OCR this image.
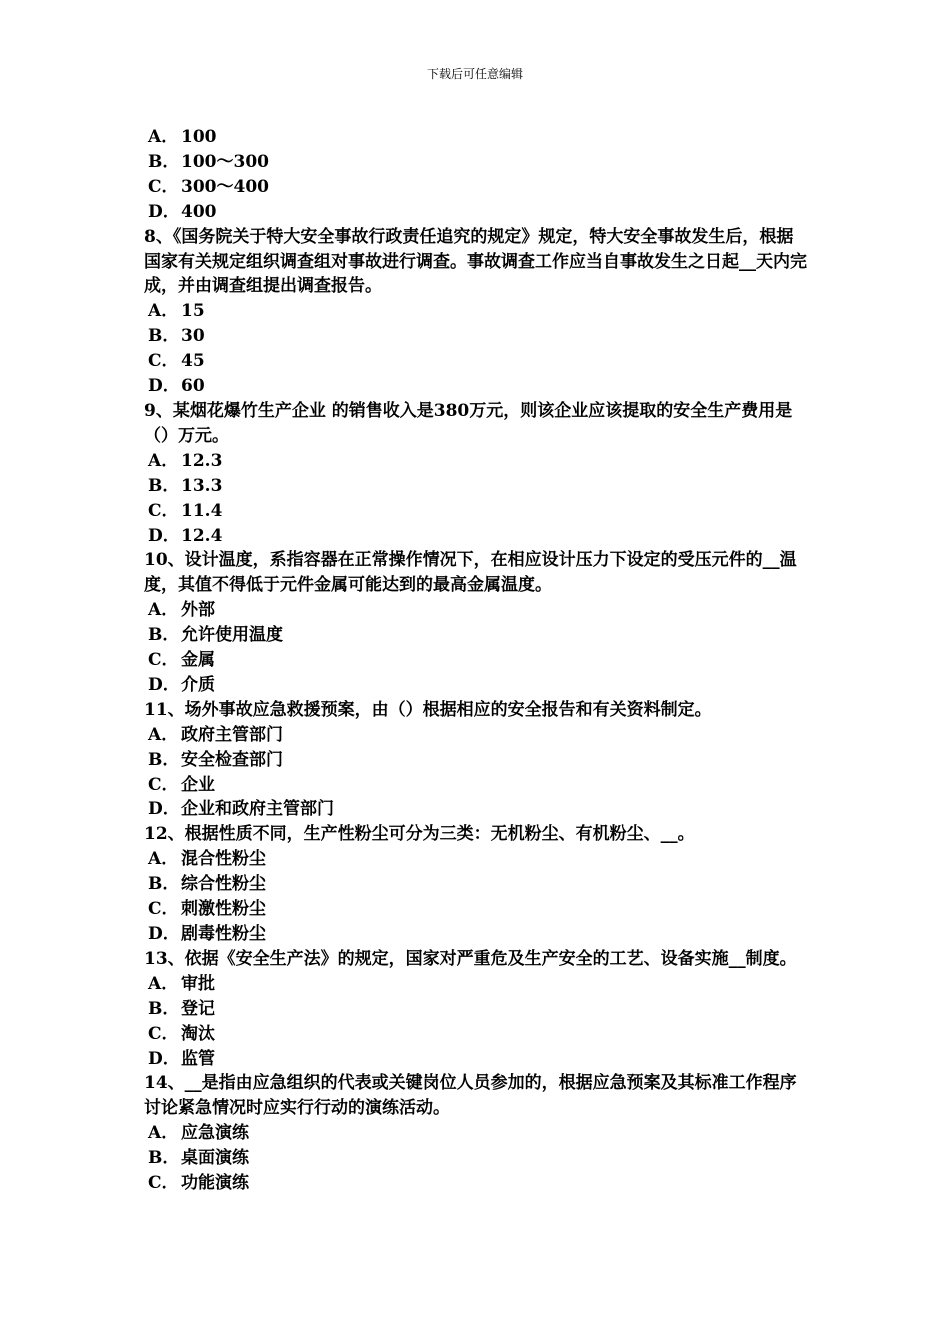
下载后可任意编辑

A． 100

B．100～300

C． 300～400

D．400

8、《国务院关于特大安全事故行政责任追究的规定》规定，特大安全事故发生后，根据国家有关规定组织调查组对事故进行调查。事故调查工作应当自事故发生之日起__天内完成，并由调查组提出调查报告。

A． 15

B．30

C． 45

D．60

9、某烟花爆竹生产企业 的销售收入是380万元，则该企业应该提取的安全生产费用是（）万元。

A． 12.3

B．13.3

C． 11.4

D．12.4

10、设计温度，系指容器在正常操作情况下，在相应设计压力下设定的受压元件的__温度，其值不得低于元件金属可能达到的最高金属温度。

A． 外部

B．允许使用温度

C． 金属

D．介质

11、场外事故应急救援预案，由（）根据相应的安全报告和有关资料制定。

A． 政府主管部门

B．安全检查部门

C． 企业

D．企业和政府主管部门

12、根据性质不同，生产性粉尘可分为三类：无机粉尘、有机粉尘、__。

A． 混合性粉尘

B．综合性粉尘

C． 刺激性粉尘

D．剧毒性粉尘

13、依据《安全生产法》的规定，国家对严重危及生产安全的工艺、设备实施__制度。

A． 审批

B．登记

C． 淘汰

D．监管

14、__是指由应急组织的代表或关键岗位人员参加的，根据应急预案及其标准工作程序讨论紧急情况时应实行行动的演练活动。

A． 应急演练

B．桌面演练

C． 功能演练
